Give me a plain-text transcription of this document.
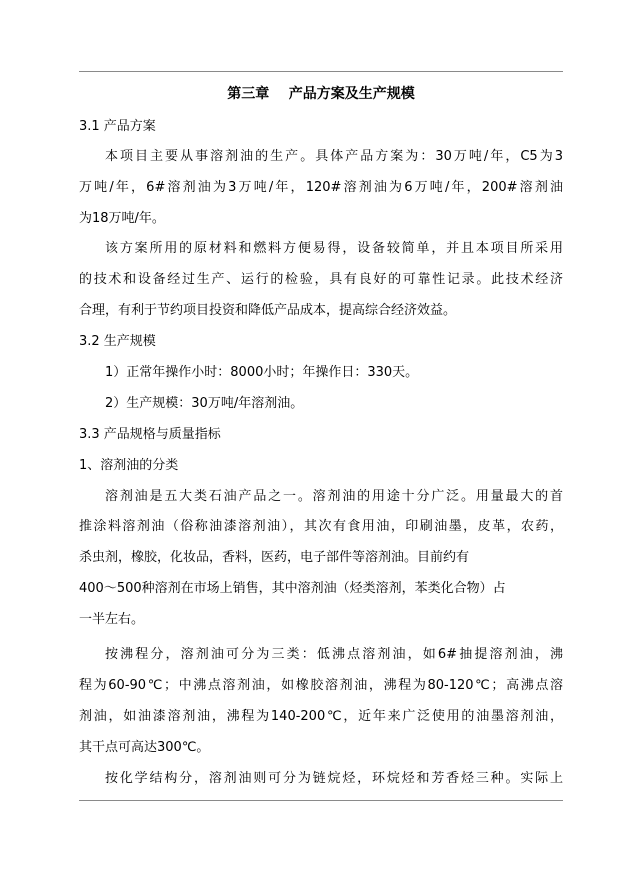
第三章    产品方案及生产规模
3.1 产品方案
本项目主要从事溶剂油的生产。具体产品方案为：30万吨/年，C5为3
万吨/年，6#溶剂油为3万吨/年，120#溶剂油为6万吨/年，200#溶剂油
为18万吨/年。
该方案所用的原材料和燃料方便易得，设备较简单，并且本项目所采用
的技术和设备经过生产、运行的检验，具有良好的可靠性记录。此技术经济
合理，有利于节约项目投资和降低产品成本，提高综合经济效益。
3.2 生产规模
1）正常年操作小时：8000小时；年操作日：330天。
2）生产规模：30万吨/年溶剂油。
3.3 产品规格与质量指标
1、溶剂油的分类
溶剂油是五大类石油产品之一。溶剂油的用途十分广泛。用量最大的首
推涂料溶剂油（俗称油漆溶剂油），其次有食用油，印刷油墨，皮革，农药，
杀虫剂，橡胶，化妆品，香料，医药，电子部件等溶剂油。目前约有
400～500种溶剂在市场上销售，其中溶剂油（烃类溶剂，苯类化合物）占
一半左右。
按沸程分，溶剂油可分为三类：低沸点溶剂油，如6#抽提溶剂油，沸
程为60-90℃；中沸点溶剂油，如橡胶溶剂油，沸程为80-120℃；高沸点溶
剂油，如油漆溶剂油，沸程为140-200℃，近年来广泛使用的油墨溶剂油，
其干点可高达300℃。
按化学结构分，溶剂油则可分为链烷烃，环烷烃和芳香烃三种。实际上
